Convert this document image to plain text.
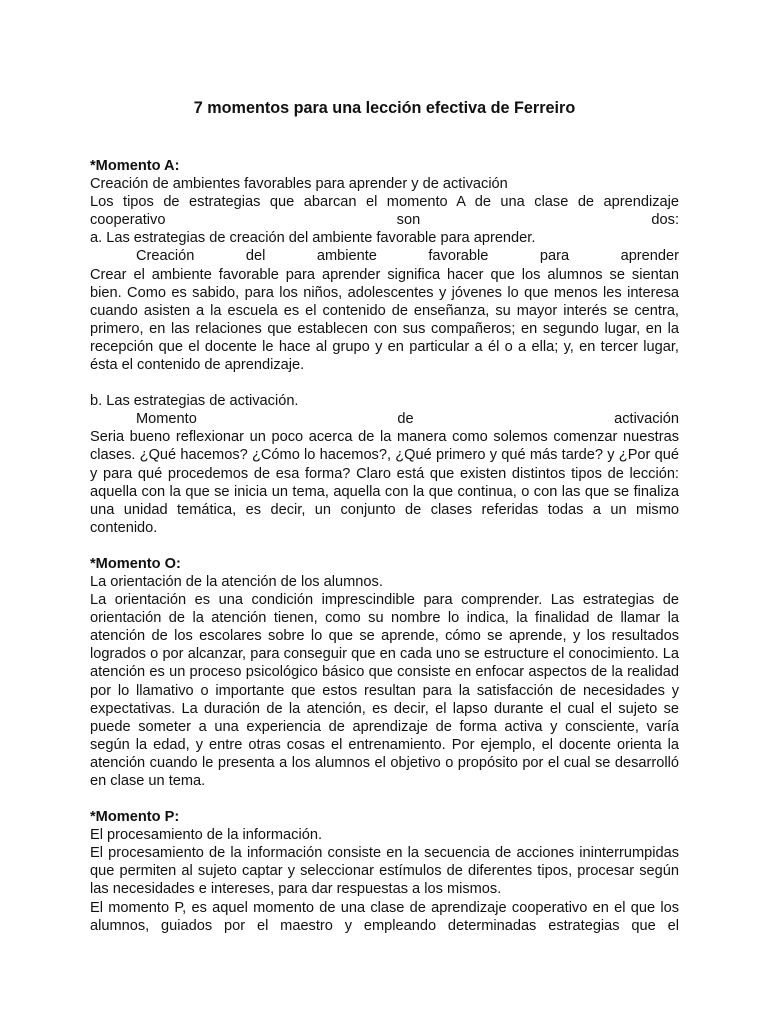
7 momentos para una lección efectiva de Ferreiro

*Momento A:

Creación de ambientes favorables para aprender y de activación

Los tipos de estrategias que abarcan el momento A de una clase de aprendizaje

cooperativo son dos:

a. Las estrategias de creación del ambiente favorable para aprender.

Creación del ambiente favorable para aprender

Crear el ambiente favorable para aprender significa hacer que los alumnos se sientan bien. Como es sabido, para los niños, adolescentes y jóvenes lo que menos les interesa cuando asisten a la escuela es el contenido de enseñanza, su mayor interés se centra, primero, en las relaciones que establecen con sus compañeros; en segundo lugar, en la recepción que el docente le hace al grupo y en particular a él o a ella; y, en tercer lugar, ésta el contenido de aprendizaje.

b. Las estrategias de activación.

Momento de activación

Seria bueno reflexionar un poco acerca de la manera como solemos comenzar nuestras clases. ¿Qué hacemos? ¿Cómo lo hacemos?, ¿Qué primero y qué más tarde? y ¿Por qué y para qué procedemos de esa forma? Claro está que existen distintos tipos de lección: aquella con la que se inicia un tema, aquella con la que continua, o con las que se finaliza una unidad temática, es decir, un conjunto de clases referidas todas a un mismo contenido.

*Momento O:

La orientación de la atención de los alumnos.

La orientación es una condición imprescindible para comprender. Las estrategias de orientación de la atención tienen, como su nombre lo indica, la finalidad de llamar la atención de los escolares sobre lo que se aprende, cómo se aprende, y los resultados logrados o por alcanzar, para conseguir que en cada uno se estructure el conocimiento. La atención es un proceso psicológico básico que consiste en enfocar aspectos de la realidad por lo llamativo o importante que estos resultan para la satisfacción de necesidades y expectativas. La duración de la atención, es decir, el lapso durante el cual el sujeto se puede someter a una experiencia de aprendizaje de forma activa y consciente, varía según la edad, y entre otras cosas el entrenamiento. Por ejemplo, el docente orienta la atención cuando le presenta a los alumnos el objetivo o propósito por el cual se desarrolló en clase un tema.

*Momento P:

El procesamiento de la información.

El procesamiento de la información consiste en la secuencia de acciones ininterrumpidas que permiten al sujeto captar y seleccionar estímulos de diferentes tipos, procesar según las necesidades e intereses, para dar respuestas a los mismos.

El momento P, es aquel momento de una clase de aprendizaje cooperativo en el que los alumnos, guiados por el maestro y empleando determinadas estrategias que el
